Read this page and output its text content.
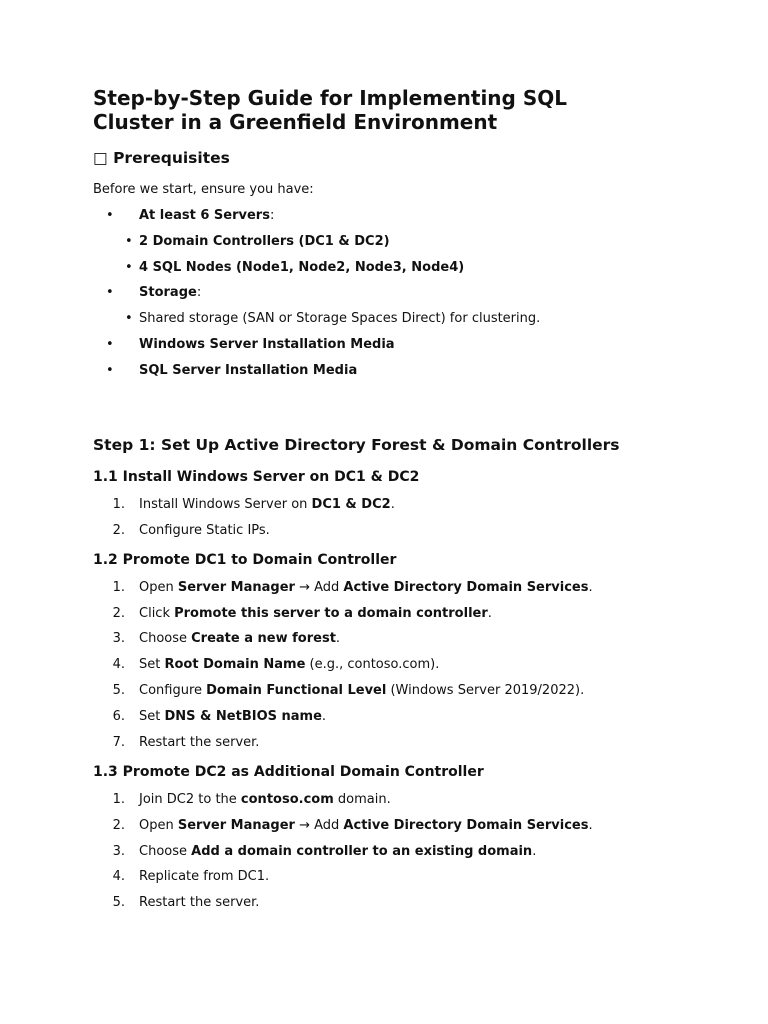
Step-by-Step Guide for Implementing SQL
Cluster in a Greenfield Environment
□ Prerequisites
Before we start, ensure you have:
• At least 6 Servers:
• 2 Domain Controllers (DC1 & DC2)
• 4 SQL Nodes (Node1, Node2, Node3, Node4)
• Storage:
• Shared storage (SAN or Storage Spaces Direct) for clustering.
• Windows Server Installation Media
• SQL Server Installation Media
Step 1: Set Up Active Directory Forest & Domain Controllers
1.1 Install Windows Server on DC1 & DC2
1. Install Windows Server on DC1 & DC2.
2. Configure Static IPs.
1.2 Promote DC1 to Domain Controller
1. Open Server Manager → Add Active Directory Domain Services.
2. Click Promote this server to a domain controller.
3. Choose Create a new forest.
4. Set Root Domain Name (e.g., contoso.com).
5. Configure Domain Functional Level (Windows Server 2019/2022).
6. Set DNS & NetBIOS name.
7. Restart the server.
1.3 Promote DC2 as Additional Domain Controller
1. Join DC2 to the contoso.com domain.
2. Open Server Manager → Add Active Directory Domain Services.
3. Choose Add a domain controller to an existing domain.
4. Replicate from DC1.
5. Restart the server.
